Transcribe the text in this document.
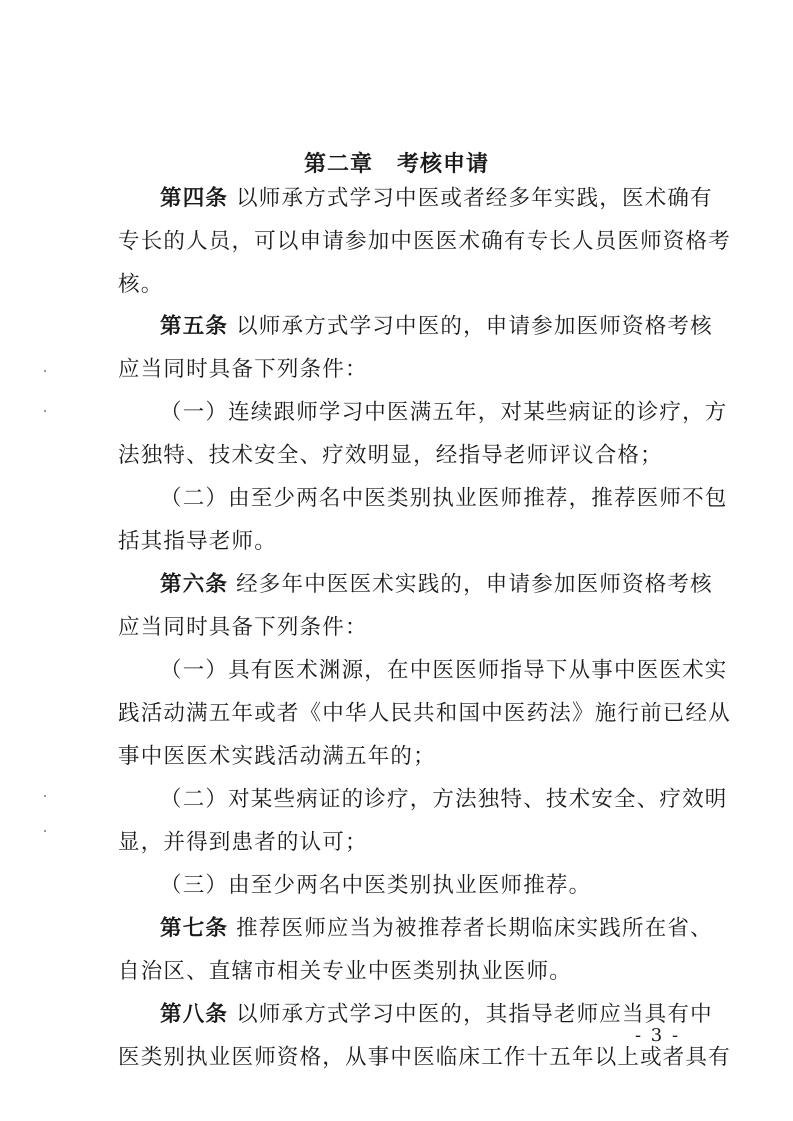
第二章 考核申请
第四条 以师承方式学习中医或者经多年实践，医术确有
专长的人员，可以申请参加中医医术确有专长人员医师资格考
核。
第五条 以师承方式学习中医的，申请参加医师资格考核
应当同时具备下列条件：
（一）连续跟师学习中医满五年，对某些病证的诊疗，方
法独特、技术安全、疗效明显，经指导老师评议合格；
（二）由至少两名中医类别执业医师推荐，推荐医师不包
括其指导老师。
第六条 经多年中医医术实践的，申请参加医师资格考核
应当同时具备下列条件：
（一）具有医术渊源，在中医医师指导下从事中医医术实
践活动满五年或者《中华人民共和国中医药法》施行前已经从
事中医医术实践活动满五年的；
（二）对某些病证的诊疗，方法独特、技术安全、疗效明
显，并得到患者的认可；
（三）由至少两名中医类别执业医师推荐。
第七条 推荐医师应当为被推荐者长期临床实践所在省、
自治区、直辖市相关专业中医类别执业医师。
第八条 以师承方式学习中医的，其指导老师应当具有中
医类别执业医师资格，从事中医临床工作十五年以上或者具有
- 3 -
